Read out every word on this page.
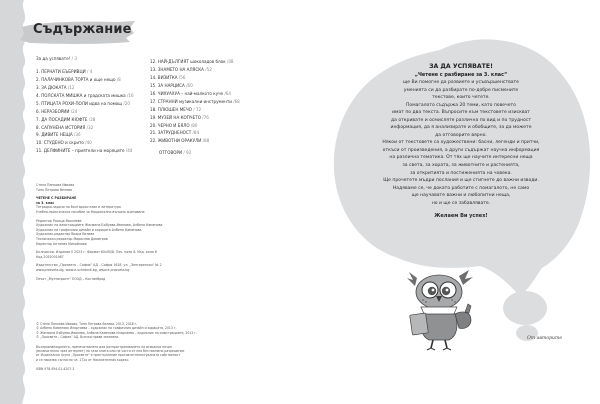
Съдържание
За да успявате! / 3
1. ПЕРНАТИ БЪБРИВЦИ / 4
2. ПАЛАЧИНКОВА ТОРТА и още нещо /8
3. ЗА ДЮКАТА /12
4. ПОЛСКАТА МИШКА и градската мишка /16
5. ПТИЦАТА РОХИ-ПОЛИ идва на помощ /20
6. НЕРАЗБОРИИ /24
7. ДА ПОСАДИМ КЮФТЕ /28
8. САПУНЕНА ИСТОРИЯ /32
9. ДИВИТЕ НЕЩА /36
10. СТУДЕНО и скрито /40
11. ДЕЛФИНИТЕ – приятели на моряците /44
12. НАЙ-ДЪЛГИЯТ шоколадов блок /48
13. ЗНАМЕТО НА АЛЯСКА /52
14. ВИЗИТКА /56
15. ЗА НАРЦИСА /60
16. ЧИХУАХУА – най-малкото куче /64
17. СТРАННИ музикални инструменти /68
18. ПЛЮШЕН МЕЧО / 72
19. МУЗЕЙ НА КОПЧЕТО /76
20. ЧЕРНО И БЯЛО /80
21. ЗАТРУДНЕНОСТ /84
22. ЖИВОТНИ ОРАКУЛИ /88
ОТГОВОРИ / 92
Стела Пенкова Ивкова
Таня Петрова Велева
ЧЕТЕНЕ С РАЗБИРАНЕ
за 3. клас
Тетрадка-задачи по български език и литература
Учебно-практическо пособие за Национално външно оценяване
Редактор Росица Василева
Художник на илюстрациите Жасмина Бъбуева-Иванова, Албена Каменова
Художник на графичния дизайн и корицата Албена Каменова
Художник-редактор Вихра Велева
Технически редактор Мирослав Димитров
Коректор Антония Михайлова
Български. Издание II 2023 г. Формат 60х90/8. Печ. коли 8. Изд. коли 6
Код 2052001987
Издателство „Просвета – София“ АД – София 1618, ул. „Зенгерелски“ № 2
www.prosveta.bg, www.e-uchebnik.bg, www.e-prosveta.bg
Печат „Мултипринт“ ЕООД – Костинброд
© Стела Пенкова Ивкова, Таня Петрова Велева, 2013, 2018 г.
© Албена Каменова Иларгиева – художник на графичния дизайн и корицата, 2013 г.
© Жасмина Бъбуева-Иванова, Албена Каменова Иларгиева – художник на илюстрациите, 2013 г.
© „Просвета – София“ АД. Всички права запазени.
Възпроизвеждането, препечатването или разпространяването на всякакъв начин
(включително чрез интернет) на тази книга или на части от нея без писмено разрешение
от Издателска група „Просвета“ е престъпление против интелектуалната собственост
и се наказва съгласно чл. 172а от Наказателния кодекс.
ISBN 978-954-01-4207-3
ЗА ДА УСПЯВАТЕ!
„Четене с разбиране за 3. клас“
ще Ви помогне да развиете и усъвършенствате
уменията си да разбирате по-добре писмените
текстове, които четете.
Помагалото съдържа 20 теми, като повечето
имат по два текста. Въпросите към текстовете изискват
да откривате и осмисляте различна по вид и по трудност
информация, да я анализирате и обобщите, за да можете
да отговорите вярно.
Някои от текстовете са художествени: басни, легенди и притчи,
откъси от произведения, а други съдържат научна информация
на различна тематика. От тях ще научите интересни неща
за света, за хората, за животните и растенията,
за откритията и постиженията на човека.
Ще прочетете мъдри послания и ще стигнете до важни изводи.
Надяваме се, че докато работите с помагалото, не само
ще научавате важни и любопитни неща,
но и ще се забавлявате.
Желаем Ви успех!
От авторите
